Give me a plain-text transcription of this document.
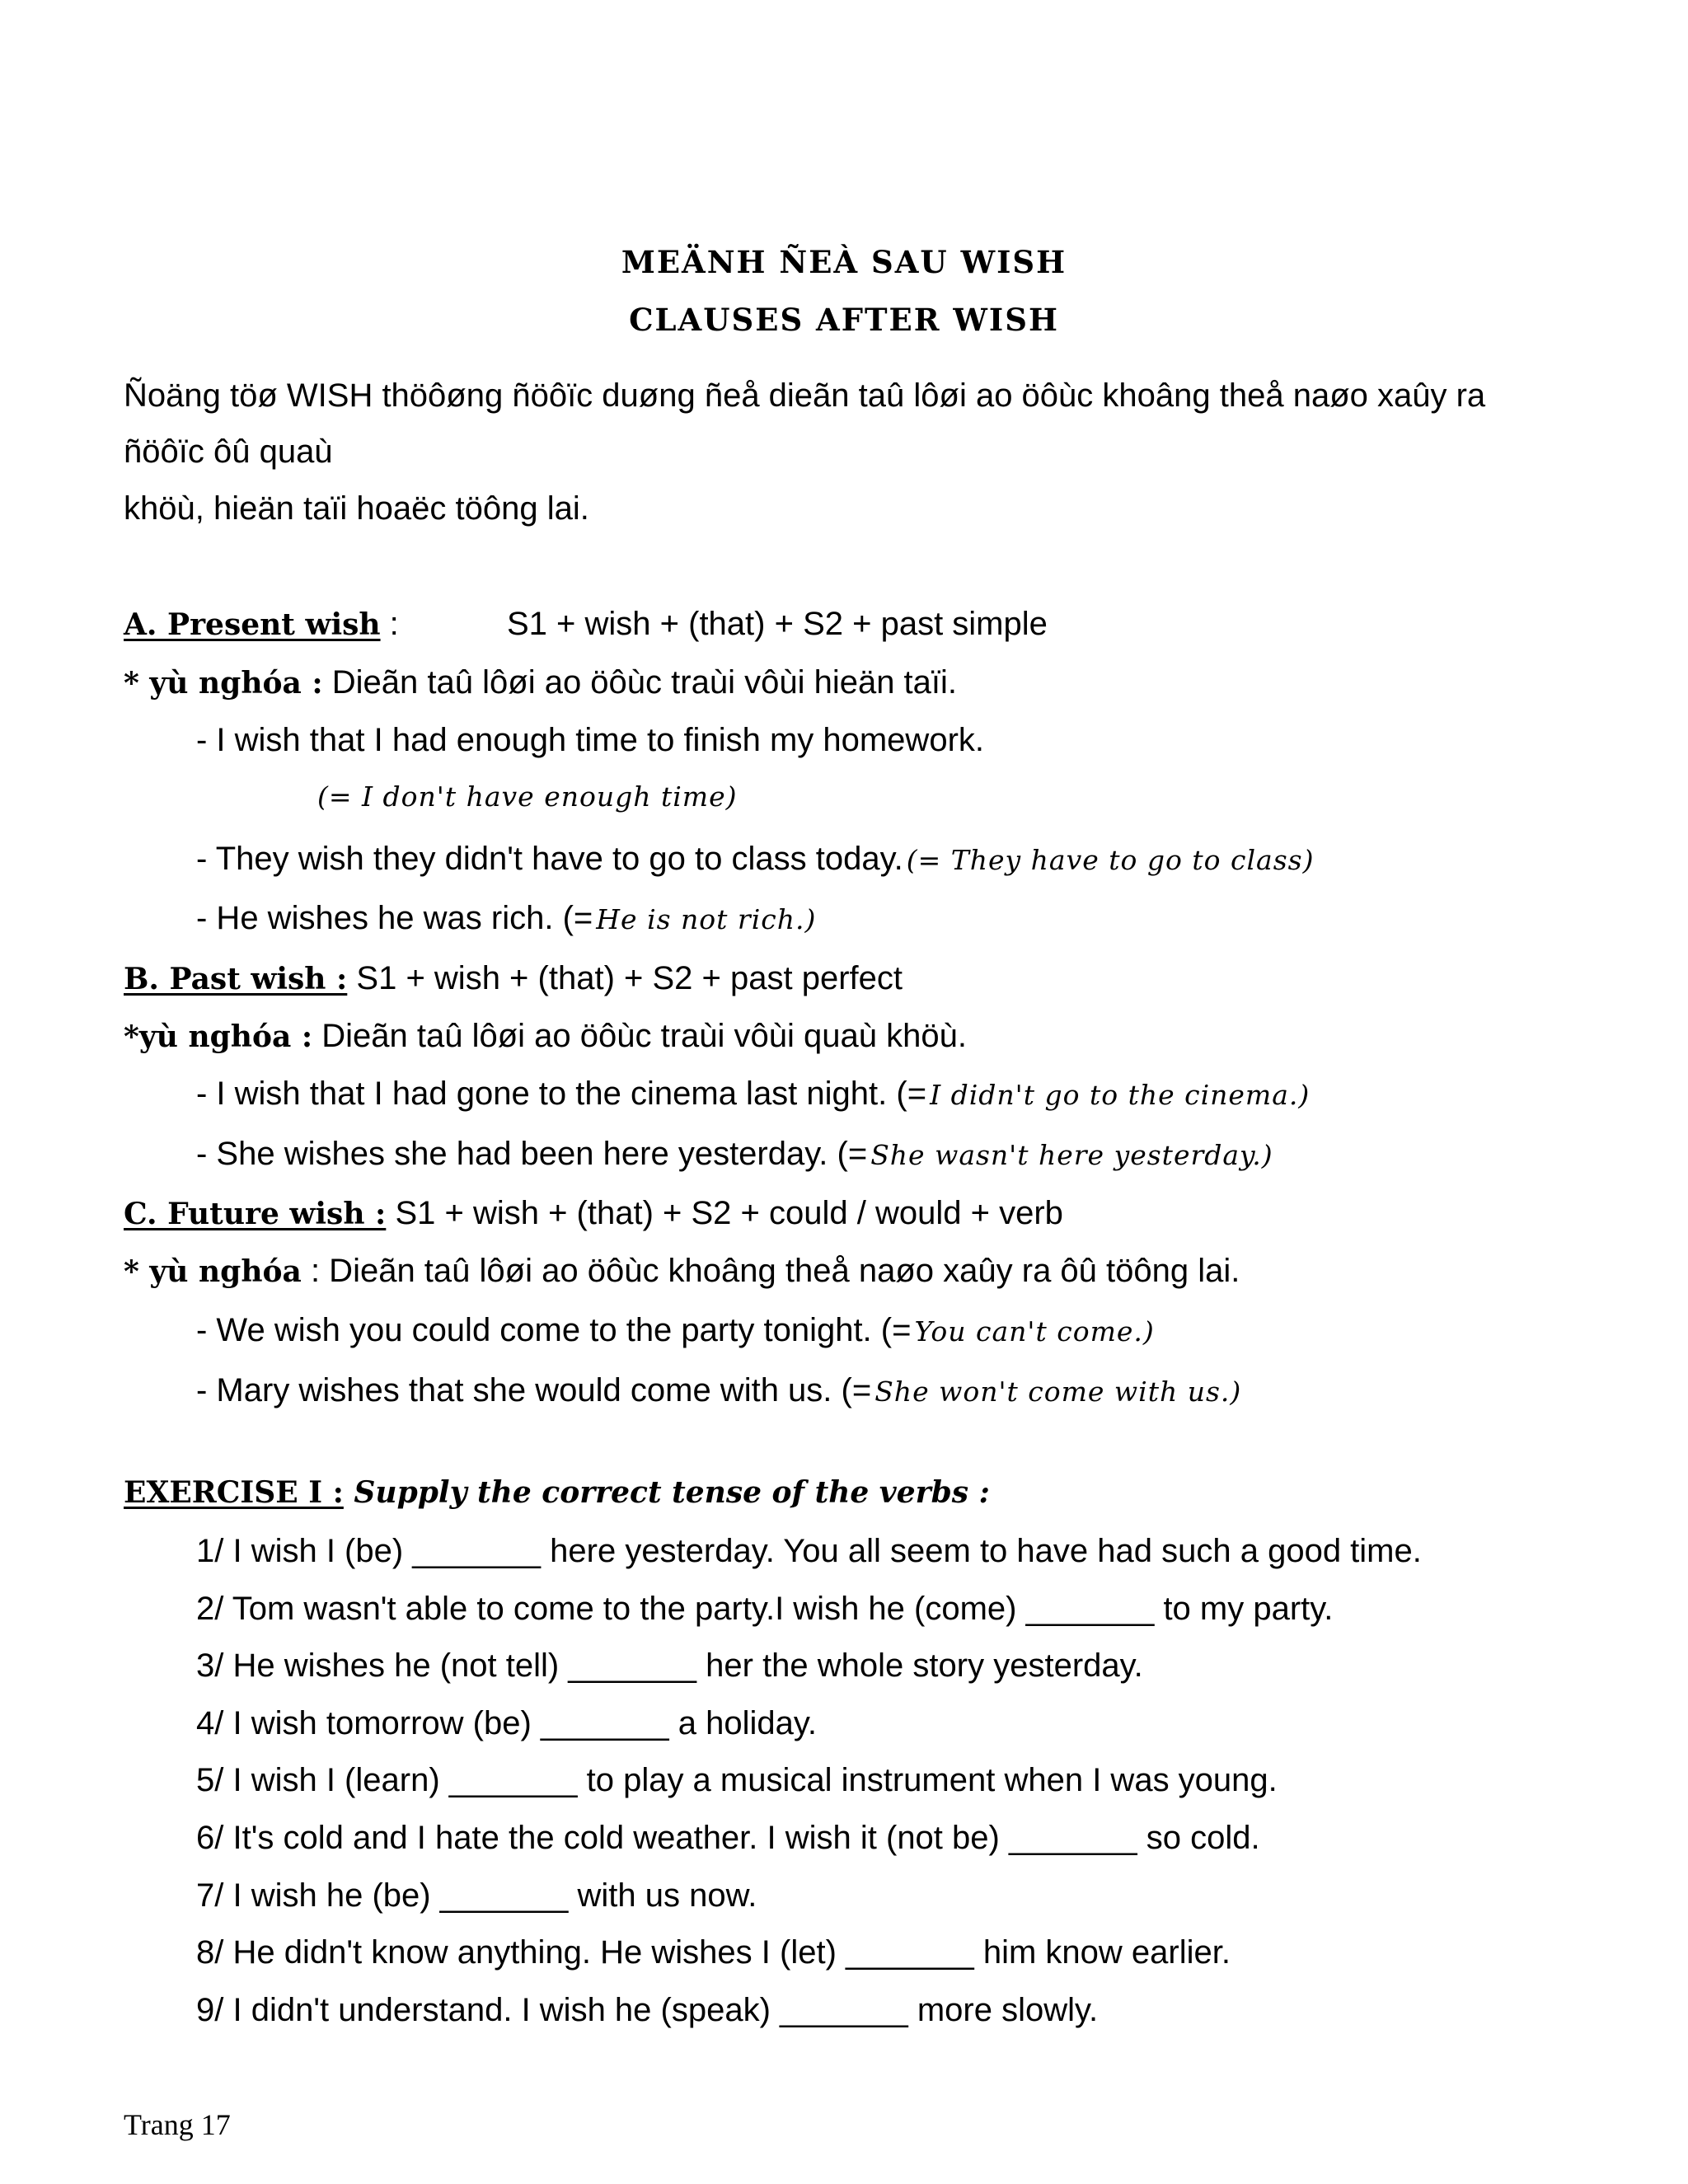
MEÄNH ÑEÀ SAU WISH
CLAUSES AFTER WISH
Ñoäng töø WISH thöôøng ñöôïc duøng ñeå dieãn taû lôøi ao öôùc khoâng theå naøo xaûy ra
ñöôïc ôû quaù
khöù, hieän taïi hoaëc töông lai.
A. Present wish :	S1 + wish + (that) + S2 + past simple
* yù nghóa : Dieãn taû lôøi ao öôùc traùi vôùi hieän taïi.
- I wish that I had enough time to finish my homework.
(= I don't have enough time)
- They wish they didn't have to go to class today. (= They have to go to class)
- He wishes he was rich. (= He is not rich.)
B. Past wish : S1 + wish + (that) + S2 + past perfect
*yù nghóa : Dieãn taû lôøi ao öôùc traùi vôùi quaù khöù.
- I wish that I had gone to the cinema last night. (= I didn't go to the cinema.)
- She wishes she had been here yesterday. (= She wasn't here yesterday.)
C. Future wish : S1 + wish + (that) + S2 + could / would + verb
* yù nghóa : Dieãn taû lôøi ao öôùc khoâng theå naøo xaûy ra ôû töông lai.
- We wish you could come to the party tonight. (= You can't come.)
- Mary wishes that she would come with us. (= She won't come with us.)
EXERCISE I : Supply the correct tense of the verbs :
1/ I wish I (be) _______ here yesterday. You all seem to have had such a good time.
2/ Tom wasn't able to come to the party.I wish he (come) _______ to my party.
3/ He wishes he (not tell) _______ her the whole story yesterday.
4/ I wish tomorrow (be) _______ a holiday.
5/ I wish I (learn) _______ to play a musical instrument when I was young.
6/ It's cold and I hate the cold weather. I wish it (not be) _______ so cold.
7/ I wish he (be) _______ with us now.
8/ He didn't know anything. He wishes I (let) _______ him know earlier.
9/ I didn't understand. I wish he (speak) _______ more slowly.
Trang 17
